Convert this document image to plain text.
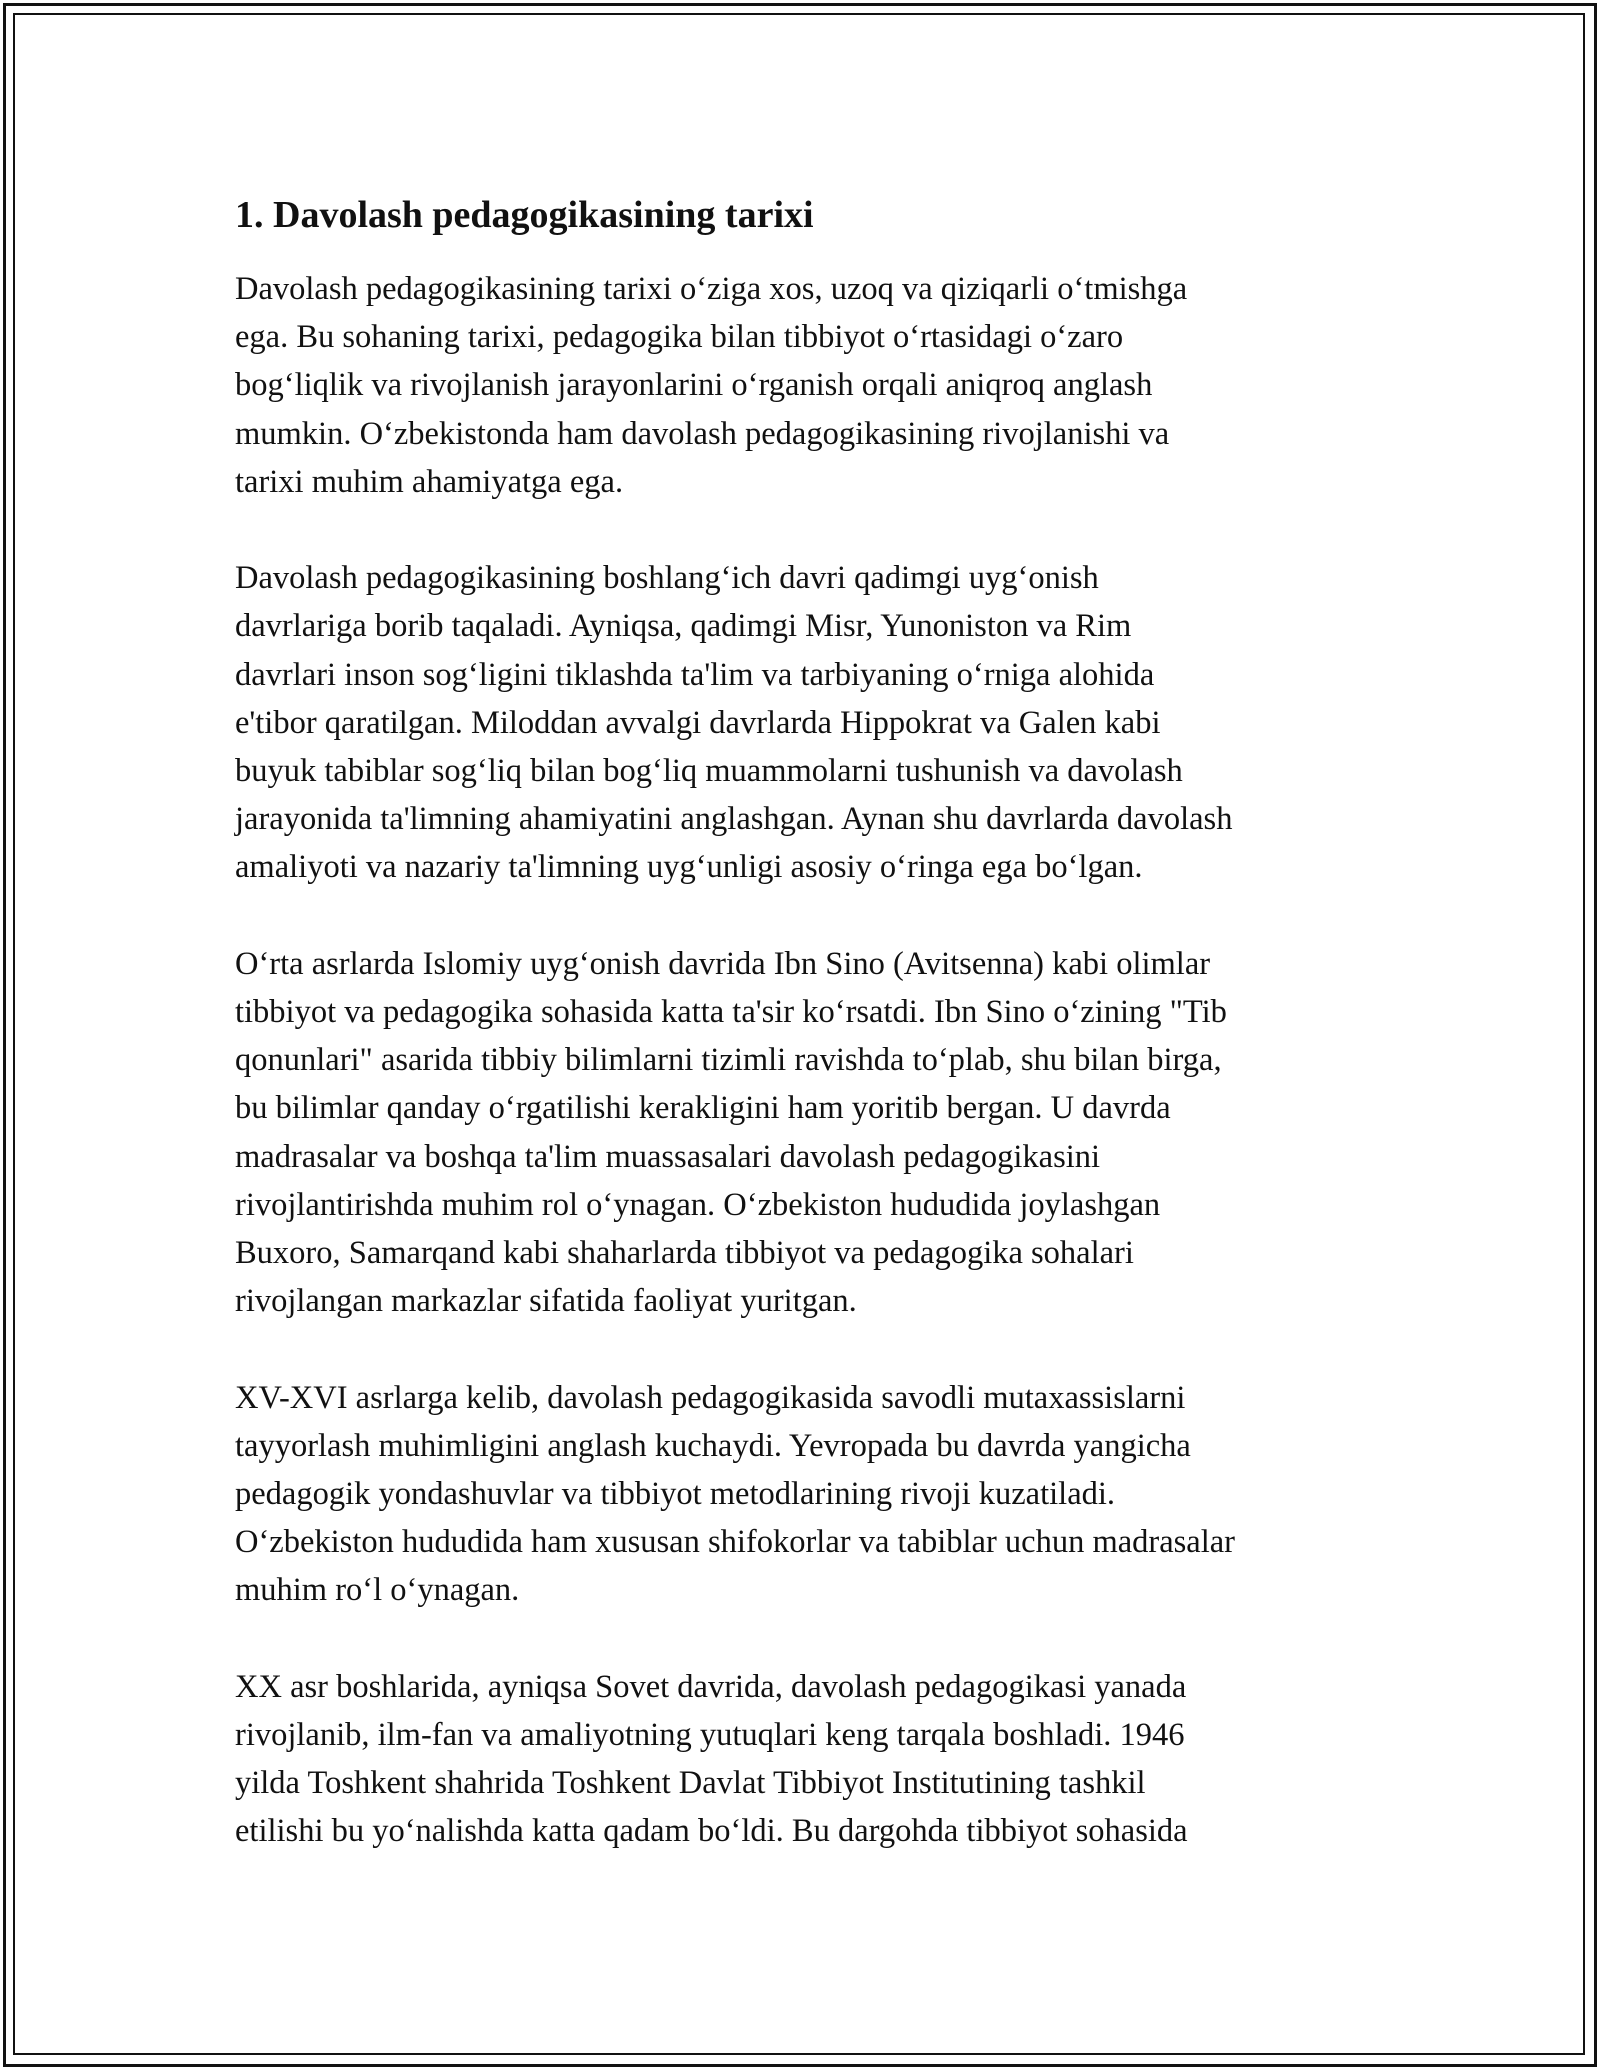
1. Davolash pedagogikasining tarixi

Davolash pedagogikasining tarixi o‘ziga xos, uzoq va qiziqarli o‘tmishga
ega. Bu sohaning tarixi, pedagogika bilan tibbiyot o‘rtasidagi o‘zaro
bog‘liqlik va rivojlanish jarayonlarini o‘rganish orqali aniqroq anglash
mumkin. O‘zbekistonda ham davolash pedagogikasining rivojlanishi va
tarixi muhim ahamiyatga ega.

Davolash pedagogikasining boshlang‘ich davri qadimgi uyg‘onish
davrlariga borib taqaladi. Ayniqsa, qadimgi Misr, Yunoniston va Rim
davrlari inson sog‘ligini tiklashda ta'lim va tarbiyaning o‘rniga alohida
e'tibor qaratilgan. Miloddan avvalgi davrlarda Hippokrat va Galen kabi
buyuk tabiblar sog‘liq bilan bog‘liq muammolarni tushunish va davolash
jarayonida ta'limning ahamiyatini anglashgan. Aynan shu davrlarda davolash
amaliyoti va nazariy ta'limning uyg‘unligi asosiy o‘ringa ega bo‘lgan.

O‘rta asrlarda Islomiy uyg‘onish davrida Ibn Sino (Avitsenna) kabi olimlar
tibbiyot va pedagogika sohasida katta ta'sir ko‘rsatdi. Ibn Sino o‘zining "Tib
qonunlari" asarida tibbiy bilimlarni tizimli ravishda to‘plab, shu bilan birga,
bu bilimlar qanday o‘rgatilishi kerakligini ham yoritib bergan. U davrda
madrasalar va boshqa ta'lim muassasalari davolash pedagogikasini
rivojlantirishda muhim rol o‘ynagan. O‘zbekiston hududida joylashgan
Buxoro, Samarqand kabi shaharlarda tibbiyot va pedagogika sohalari
rivojlangan markazlar sifatida faoliyat yuritgan.

XV-XVI asrlarga kelib, davolash pedagogikasida savodli mutaxassislarni
tayyorlash muhimligini anglash kuchaydi. Yevropada bu davrda yangicha
pedagogik yondashuvlar va tibbiyot metodlarining rivoji kuzatiladi.
O‘zbekiston hududida ham xususan shifokorlar va tabiblar uchun madrasalar
muhim ro‘l o‘ynagan.

XX asr boshlarida, ayniqsa Sovet davrida, davolash pedagogikasi yanada
rivojlanib, ilm-fan va amaliyotning yutuqlari keng tarqala boshladi. 1946
yilda Toshkent shahrida Toshkent Davlat Tibbiyot Institutining tashkil
etilishi bu yo‘nalishda katta qadam bo‘ldi. Bu dargohda tibbiyot sohasida
